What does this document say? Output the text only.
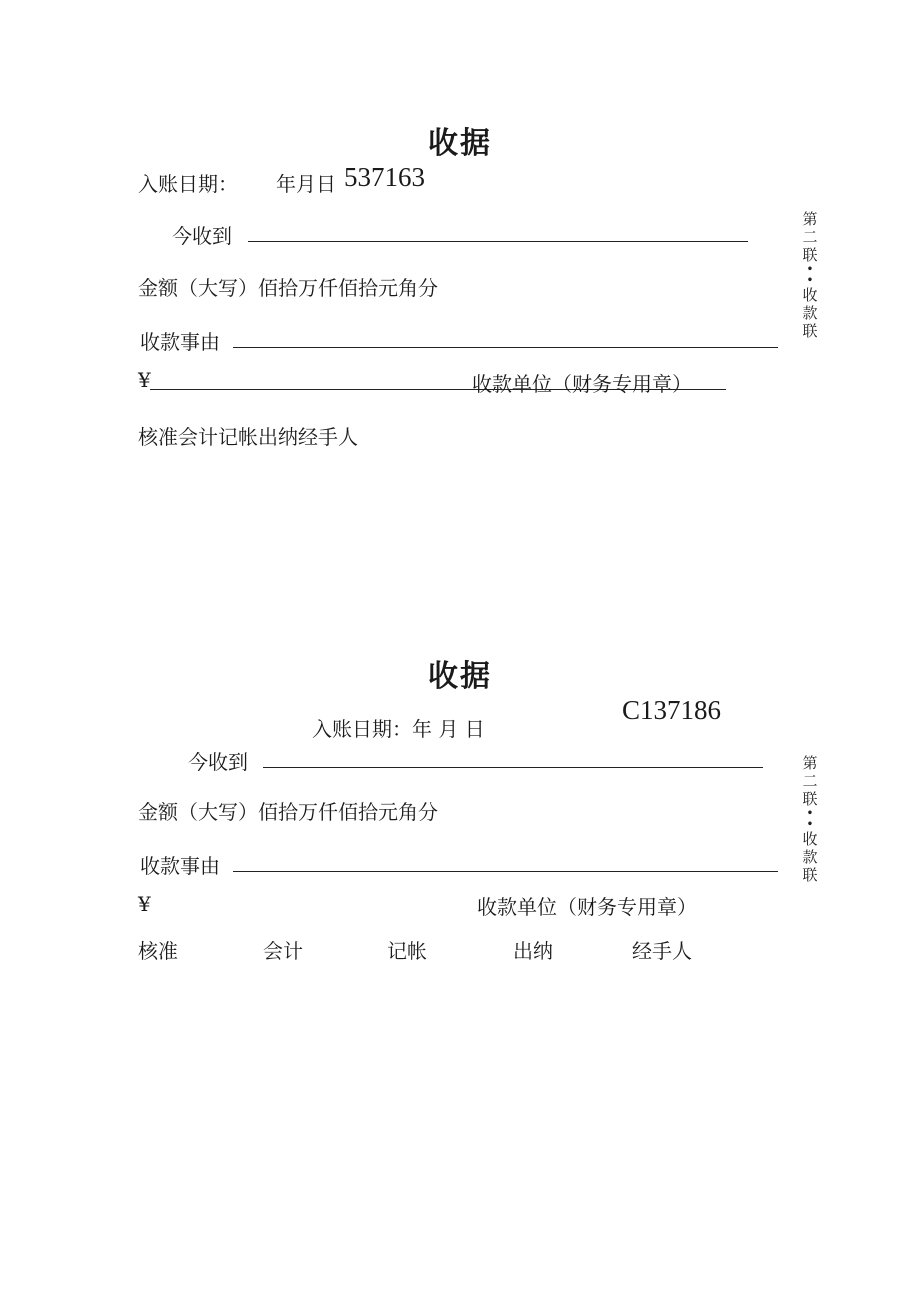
收据
入账日期： 年月日 537163
今收到
金额（大写）佰拾万仟佰拾元角分
收款事由
¥	收款单位（财务专用章）
核准会计记帐出纳经手人
第
二
联
•
•
收
款
联
收据
入账日期：年 月 日
C137186
今收到
金额（大写）佰拾万仟佰拾元角分
收款事由
¥	收款单位（财务专用章）
核准	会计	记帐	出纳	经手人
第
二
联
•
•
收
款
联
